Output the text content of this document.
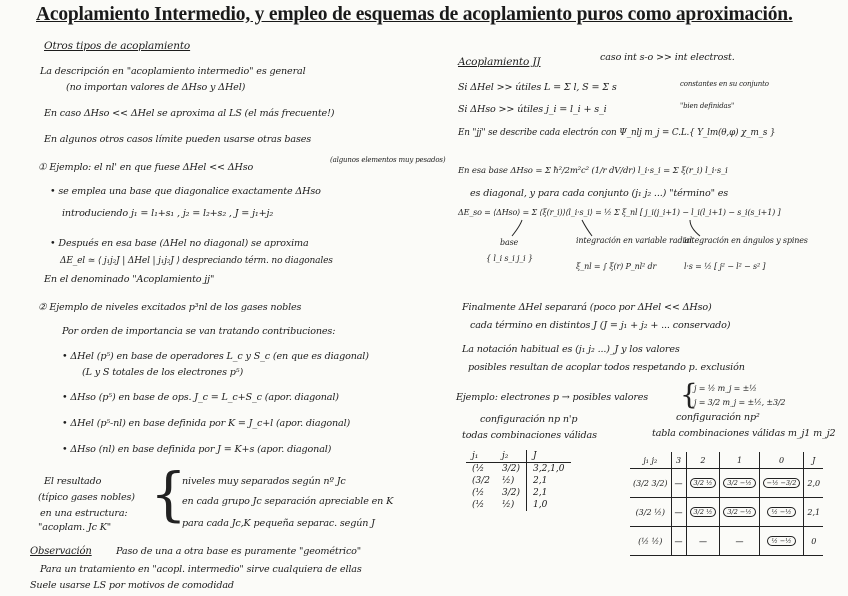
Acoplamiento Intermedio, y empleo de esquemas de acoplamiento puros como aproximación.
Otros tipos de acoplamiento
La descripción en "acoplamiento intermedio" es general
(no importan valores de ΔHso y ΔHel)
En caso ΔHso << ΔHel se aproxima al LS (el más frecuente!)
En algunos otros casos límite pueden usarse otras bases
① Ejemplo: el nl' en que fuese ΔHel << ΔHso
(algunos elementos muy pesados)
• se emplea una base que diagonalice exactamente ΔHso
introduciendo j₁ = l₁+s₁ , j₂ = l₂+s₂ , J = j₁+j₂
• Después en esa base (ΔHel no diagonal) se aproxima
ΔE_el ≃ ⟨ j₁j₂J | ΔHel | j₁j₂J ⟩ despreciando térm. no diagonales
En el denominado "Acoplamiento jj"
② Ejemplo de niveles excitados p³nl de los gases nobles
Por orden de importancia se van tratando contribuciones:
• ΔHel (p⁵) en base de operadores L_c y S_c (en que es diagonal)
(L y S totales de los electrones p⁵)
• ΔHso (p⁵) en base de ops. J_c = L_c+S_c (apor. diagonal)
• ΔHel (p⁵-nl) en base definida por K = J_c+l (apor. diagonal)
• ΔHso (nl) en base definida por J = K+s (apor. diagonal)
El resultado
(típico gases nobles)
en una estructura:
"acoplam. Jc K" {
niveles muy separados según nº Jc
en cada grupo Jc separación apreciable en K
para cada Jc,K pequeña separac. según J
Observación	Paso de una a otra base es puramente "geométrico"
Para un tratamiento en "acopl. intermedio" sirve cualquiera de ellas
Suele usarse LS por motivos de comodidad
Acoplamiento JJ	caso int s-o >> int electrost.
Si ΔHel >> útiles L = Σ l, S = Σ s	constantes en su conjunto
Si ΔHso >> útiles j_i = l_i + s_i	"bien definidas"
En "jj" se describe cada electrón con Ψ_nlj m_j = C.L.{ Y_lm(θ,φ) χ_m_s }
En esa base ΔHso = Σ ħ²/2m²c² (1/r dV/dr) l_i·s_i = Σ ξ(r_i) l_i·s_i
es diagonal, y para cada conjunto (j₁ j₂ ...) "término" es
ΔE_so = ⟨ΔHso⟩ = Σ ⟨ξ(r_i)⟩⟨l_i·s_i⟩ = ½ Σ ξ_nl [ j_i(j_i+1) − l_i(l_i+1) − s_i(s_i+1) ]
base
{ l_i s_i j_i }
integración en variable radial
ξ_nl = ∫ ξ(r) P_nl² dr
integración en ángulos y spines
l·s = ½ [ j² − l² − s² ]
Finalmente ΔHel separará (poco por ΔHel << ΔHso)
cada término en distintos J (J = j₁ + j₂ + ... conservado)
La notación habitual es (j₁ j₂ ...)_J y los valores
posibles resultan de acoplar todos respetando p. exclusión
Ejemplo: electrones p → posibles valores {
j = ½ m_j = ±½
j = 3/2 m_j = ±½, ±3/2
configuración np n'p
todas combinaciones válidas
configuración np²
tabla combinaciones válidas m_j1 m_j2
j₁	j₂	J
(½	3/2)	3,2,1,0
(3/2	½)	2,1
(½	3/2)	2,1
(½	½)	1,0
j₁ j₂	3	2	1	0	J
(3/2 3/2)	—	3/2 ½	3/2 −½	−½ −3/2	2,0
(3/2 ½)	—	3/2 ½	3/2 −½	½ −½	2,1
(½ ½)	—	—	—	½ −½	0
